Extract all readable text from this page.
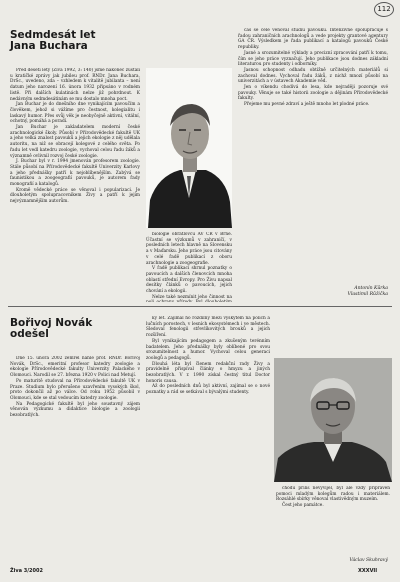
112
Sedmdesát let
Jana Buchara

Před deseti lety (Živa 1992, 3: 140) jsme nakonec zůstali u kratičké zprávy jak jubileu prof. RNDr. Jana Buchara, DrSc., uvedeno, zda – vzhledem k vitalitě jubilanta – není datum jeho narození 16. února 1932 připsáno v rodném listě. Při dalších kulatinách nelze již pohrdnout. K nedávným sedmdesátinám se mu dostalo mnoha poct.

Jan Buchar je do dnešního dne vynikajícím pavoučím a člověkem, jehož si vážíme pro čestnost, kolegialitu i laskavý humor. Přes svůj věk je neobyčejně aktivní, vitální, ochotný, pomáhá a poradí.

Jan Buchar je zakladatelem moderní české arachnologické školy. Působí v Přírodovědecké fakultě UK a jeho velká znalost pavouků a jejich ekologie z něj udělala autoritu, na niž se obracejí kolegové z celého světa. Po řadu let vedl katedru zoologie, vychoval celou řadu žáků a významně ovlivnil rozvoj české zoologie.

J. Buchar byl v r. 1994 jmenován profesorem zoologie. Stále působí na Přírodovědecké fakultě Univerzity Karlovy a jeho přednášky patří k nejoblíbenějším. Zabývá se faunistikou a zoogeografií pavouků, je autorem řady monografií a katalogů.

Kromě vědecké práce se věnoval i popularizaci. Je dlouholetým spolupracovníkem Živy a patří k jejím nejvýznamnějším autorům.

biologie obratlovců AV ČR v Brně. Účastní se výzkumů v zahraničí, v posledních letech hlavně na Slovensku a v Maďarsku. Jeho práce jsou citovány v celé řadě publikací z oboru arachnologie a zoogeografie.

V řadě publikací shrnul poznatky o pavoucích a dalších členovcích mnoha oblastí střední Evropy. Pro Živu napsal desítky článků o pavoucích, jejich chování a ekologii.

Nelze také nezmínit jeho činnost na

čas se cele věnoval studiu pavouků. Intenzivně spolupracuje s řadou zahraničních arachnologů a vede projekty grantové agentury GA ČR. Výsledkem je řada publikací a katalogů pavouků České republiky.

Jasné a srozumitelné výklady a precizní zpracování patří k tomu, čím se jeho práce vyznačují. Jeho publikace jsou dodnes základní literaturou pro studenty i odborníky.

Jasnou schopnost odhadu obtížně určitelných materiálů si zachoval dodnes. Vychoval řadu žáků, z nichž mnozí působí na univerzitách a v ústavech Akademie věd.

Jen o víkendu chodívá do lesa, kde nejraději pozoruje své pavouky. Věnuje se také historii zoologie a dějinám Přírodovědecké fakulty.

Přejeme mu pevné zdraví a ještě mnoho let plodné práce.

Antonín Kůrka
Vlastimil Růžička
Bořivoj Novák
odešel

Dne 15. února 2002 zemřel náhle prof. RNDr. Bořivoj Novák, DrSc., emeritní profesor katedry zoologie a ekologie Přírodovědecké fakulty Univerzity Palackého v Olomouci. Narodil se 27. března 1920 v Polici nad Metují.

Po maturitě studoval na Přírodovědecké fakultě UK v Praze. Studium bylo přerušeno uzavřením vysokých škol, proto dokončil až po válce. Od roku 1952 působil v Olomouci, kde se stal vedoucím katedry zoologie.

Na Pedagogické fakultě byl jeho soustavný zájem věnován výzkumu a didaktice biologie a zoologii bezobratlých.

ky let. Zajímal ho rozdílný mezi výskytem na polích a lučních porostech, v lesních ekosystémech i ve městech. Sledoval fenologii střevlíkovitých brouků a jejich rozšíření.

Byl vynikajícím pedagogem a zkušeným terénním badatelem. Jeho přednášky byly oblíbené pro svou srozumitelnost a humor. Vychoval celou generaci zoologů a pedagogů.

Dlouhá léta byl členem redakční rady Živy a pravidelně přispíval články o hmyzu a jiných bezobratlých. V r. 1990 získal čestný titul Doctor honoris causa.

Až do posledních dnů byl aktivní, zajímal se o nové poznatky a rád se setkával s bývalými studenty.

chodu příliš nevyvíjel, byl ale vždy připraven pomoci mladým kolegům radou i materiálem. Rozsáhlé sbírky věnoval vlastivědným muzeím.

Čest jeho památce.

Václav Skuhravý
Živa 3/2002	XXXVII
